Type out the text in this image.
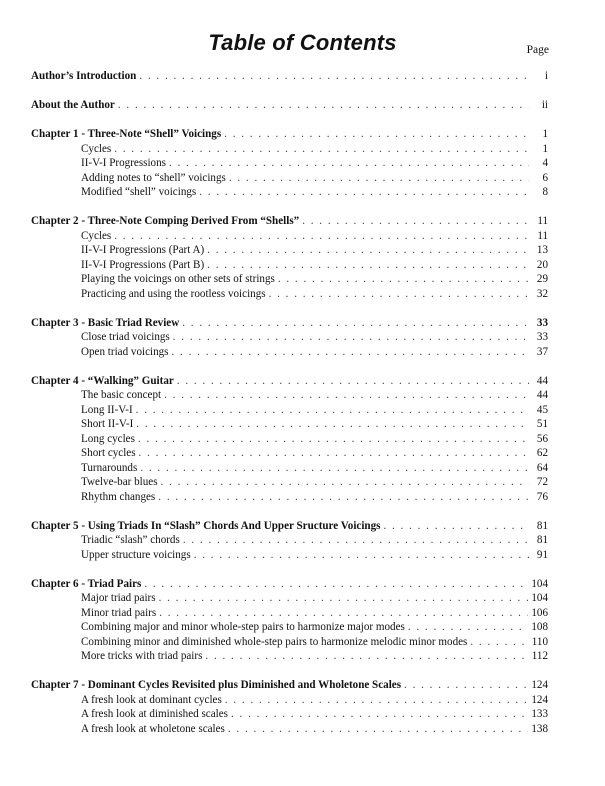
Table of Contents	Page
Author’s Introduction . . .	i
About the Author . . .	ii
Chapter 1 - Three-Note “Shell” Voicings . . .	1
Cycles . . .	1
II-V-I Progressions . . .	4
Adding notes to “shell” voicings . . .	6
Modified “shell” voicings . . .	8
Chapter 2 - Three-Note Comping Derived From “Shells” . . .	11
Cycles . . .	11
II-V-I Progressions (Part A) . . .	13
II-V-I Progressions (Part B) . . .	20
Playing the voicings on other sets of strings . . .	29
Practicing and using the rootless voicings . . .	32
Chapter 3 - Basic Triad Review . . .	33
Close triad voicings . . .	33
Open triad voicings . . .	37
Chapter 4 - “Walking” Guitar . . .	44
The basic concept . . .	44
Long II-V-I . . .	45
Short II-V-I . . .	51
Long cycles . . .	56
Short cycles . . .	62
Turnarounds . . .	64
Twelve-bar blues . . .	72
Rhythm changes . . .	76
Chapter 5 - Using Triads In “Slash” Chords And Upper Sructure Voicings . . .	81
Triadic “slash” chords . . .	81
Upper structure voicings . . .	91
Chapter 6 - Triad Pairs . . .	104
Major triad pairs . . .	104
Minor triad pairs . . .	106
Combining major and minor whole-step pairs to harmonize major modes . . .	108
Combining minor and diminished whole-step pairs to harmonize melodic minor modes . . .	110
More tricks with triad pairs . . .	112
Chapter 7 - Dominant Cycles Revisited plus Diminished and Wholetone Scales . . .	124
A fresh look at dominant cycles . . .	124
A fresh look at diminished scales . . .	133
A fresh look at wholetone scales . . .	138
